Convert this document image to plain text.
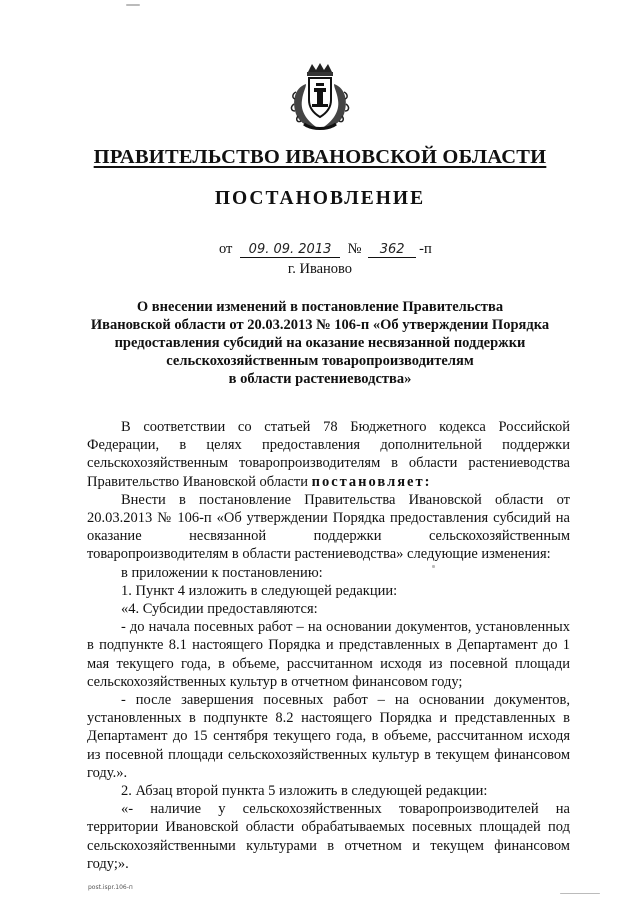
ПРАВИТЕЛЬСТВО ИВАНОВСКОЙ ОБЛАСТИ
ПОСТАНОВЛЕНИЕ
от 09. 09. 2013 № 362 -п
г. Иваново
О внесении изменений в постановление Правительства
Ивановской области от 20.03.2013 № 106-п «Об утверждении Порядка
предоставления субсидий на оказание несвязанной поддержки
сельскохозяйственным товаропроизводителям
в области растениеводства»

В соответствии со статьей 78 Бюджетного кодекса Российской Федерации, в целях предоставления дополнительной поддержки сельскохозяйственным товаропроизводителям в области растениеводства Правительство Ивановской области постановляет:

Внести в постановление Правительства Ивановской области от 20.03.2013 № 106-п «Об утверждении Порядка предоставления субсидий на оказание несвязанной поддержки сельскохозяйственным товаропроизводителям в области растениеводства» следующие изменения:

в приложении к постановлению:

1. Пункт 4 изложить в следующей редакции:

«4. Субсидии предоставляются:

- до начала посевных работ – на основании документов, установленных в подпункте 8.1 настоящего Порядка и представленных в Департамент до 1 мая текущего года, в объеме, рассчитанном исходя из посевной площади сельскохозяйственных культур в отчетном финансовом году;

- после завершения посевных работ – на основании документов, установленных в подпункте 8.2 настоящего Порядка и представленных в Департамент до 15 сентября текущего года, в объеме, рассчитанном исходя из посевной площади сельскохозяйственных культур в текущем финансовом году.».

2. Абзац второй пункта 5 изложить в следующей редакции:

«- наличие у сельскохозяйственных товаропроизводителей на территории Ивановской области обрабатываемых посевных площадей под сельскохозяйственными культурами в отчетном и текущем финансовом году;».

post.ispr.106-п
